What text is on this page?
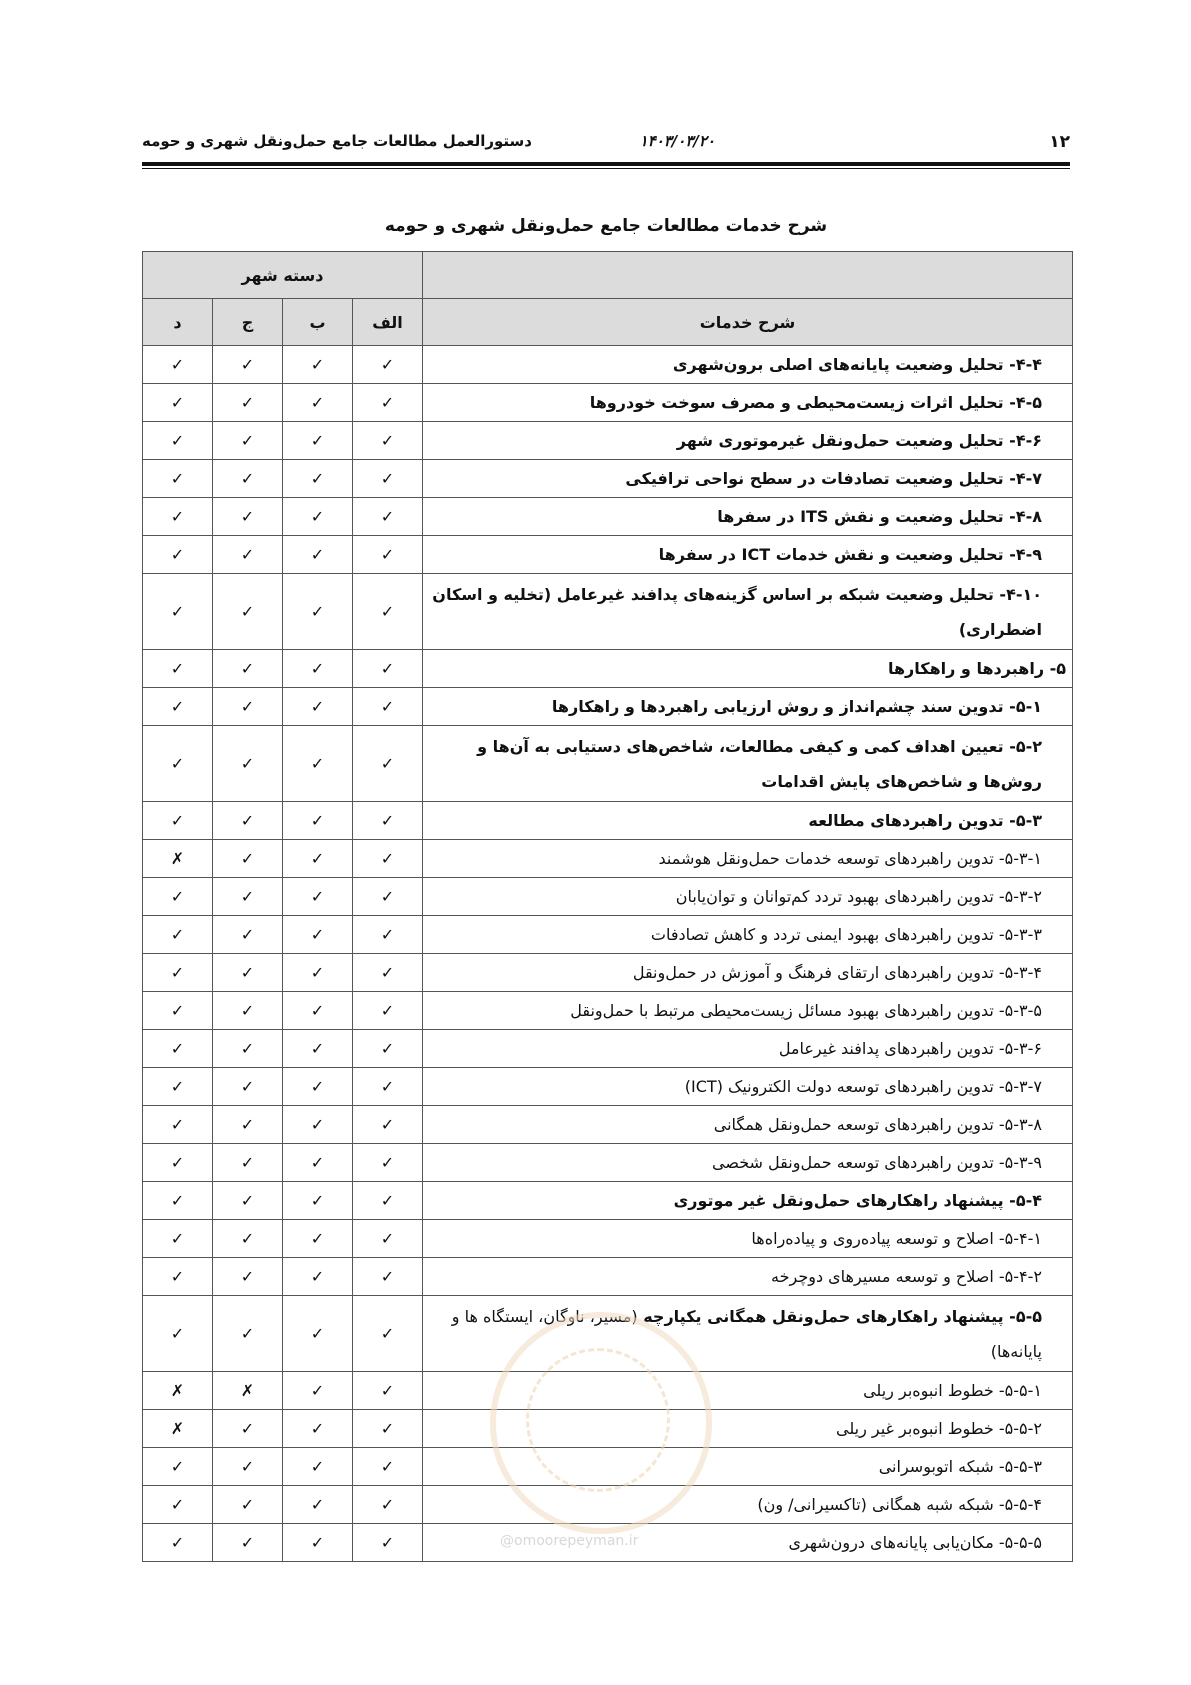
۱۲
۱۴۰۳/۰۳/۲۰
دستورالعمل مطالعات جامع حمل‌ونقل شهری و حومه
شرح خدمات مطالعات جامع حمل‌ونقل شهری و حومه
	دسته شهر			
شرح خدمات	الف	ب	ج	د
۴-۴- تحلیل وضعیت پایانه‌های اصلی برون‌شهری	✓	✓	✓	✓
۴-۵- تحلیل اثرات زیست‌محیطی و مصرف سوخت خودروها	✓	✓	✓	✓
۴-۶- تحلیل وضعیت حمل‌ونقل غیرموتوری شهر	✓	✓	✓	✓
۴-۷- تحلیل وضعیت تصادفات در سطح نواحی ترافیکی	✓	✓	✓	✓
۴-۸- تحلیل وضعیت و نقش ITS در سفرها	✓	✓	✓	✓
۴-۹- تحلیل وضعیت و نقش خدمات ICT در سفرها	✓	✓	✓	✓
۴-۱۰- تحلیل وضعیت شبکه بر اساس گزینه‌های پدافند غیرعامل (تخلیه و اسکان اضطراری)	✓	✓	✓	✓
۵- راهبردها و راهکارها	✓	✓	✓	✓
۵-۱- تدوین سند چشم‌انداز و روش ارزیابی راهبردها و راهکارها	✓	✓	✓	✓
۵-۲- تعیین اهداف کمی و کیفی مطالعات، شاخص‌های دستیابی به آن‌ها و روش‌ها و شاخص‌های پایش اقدامات	✓	✓	✓	✓
۵-۳- تدوین راهبردهای مطالعه	✓	✓	✓	✓
۵-۳-۱- تدوین راهبردهای توسعه خدمات حمل‌ونقل هوشمند	✓	✓	✓	✗
۵-۳-۲- تدوین راهبردهای بهبود تردد کم‌توانان و توان‌یابان	✓	✓	✓	✓
۵-۳-۳- تدوین راهبردهای بهبود ایمنی تردد و کاهش تصادفات	✓	✓	✓	✓
۵-۳-۴- تدوین راهبردهای ارتقای فرهنگ و آموزش در حمل‌ونقل	✓	✓	✓	✓
۵-۳-۵- تدوین راهبردهای بهبود مسائل زیست‌محیطی مرتبط با حمل‌ونقل	✓	✓	✓	✓
۵-۳-۶- تدوین راهبردهای پدافند غیرعامل	✓	✓	✓	✓
۵-۳-۷- تدوین راهبردهای توسعه دولت الکترونیک (ICT)	✓	✓	✓	✓
۵-۳-۸- تدوین راهبردهای توسعه حمل‌ونقل همگانی	✓	✓	✓	✓
۵-۳-۹- تدوین راهبردهای توسعه حمل‌ونقل شخصی	✓	✓	✓	✓
۵-۴- پیشنهاد راهکارهای حمل‌ونقل غیر موتوری	✓	✓	✓	✓
۵-۴-۱- اصلاح و توسعه پیاده‌روی و پیاده‌راه‌ها	✓	✓	✓	✓
۵-۴-۲- اصلاح و توسعه مسیرهای دوچرخه	✓	✓	✓	✓
۵-۵- پیشنهاد راهکارهای حمل‌ونقل همگانی یکپارچه (مسیر، ناوگان، ایستگاه ها و پایانه‌ها)	✓	✓	✓	✓
۵-۵-۱- خطوط انبوه‌بر ریلی	✓	✓	✗	✗
۵-۵-۲- خطوط انبوه‌بر غیر ریلی	✓	✓	✓	✗
۵-۵-۳- شبکه اتوبوسرانی	✓	✓	✓	✓
۵-۵-۴- شبکه شبه همگانی (تاکسیرانی/ ون)	✓	✓	✓	✓
۵-۵-۵- مکان‌یابی پایانه‌های درون‌شهری	✓	✓	✓	✓	@omoorepeyman.ir
